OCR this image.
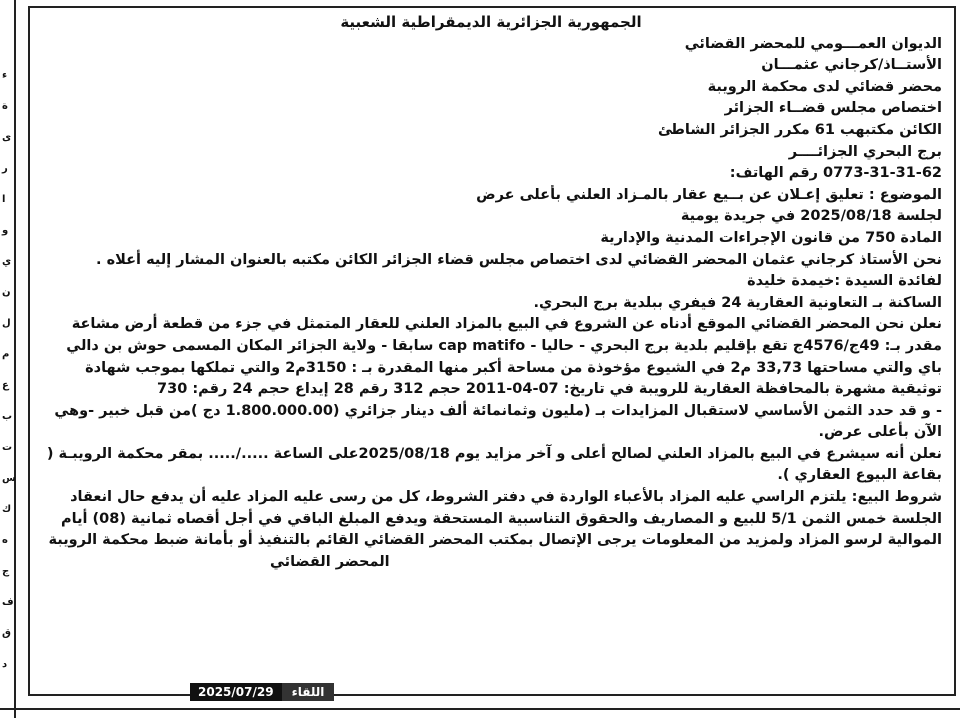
ء
ة
ى
ر
ا
و
ي
ن
ل
م
ع
ب
ت
س
ك
ه
ج
ف
ق
د
الجمهورية الجزائرية الديمقراطية الشعبية
الديوان العمـــومي للمحضر القضائي
الأستــاذ/كرجاني عثمـــان
محضر قضائي لدى محكمة الرويبة
اختصاص مجلس قضــاء الجزائر
الكائن مكتبهب 61 مكرر الجزائر الشاطئ
برج البحري الجزائــــر
0773-31-31-62 رقم الهاتف:
الموضوع : تعليق إعـلان عن بــيع عقار بالمـزاد العلني بأعلى عرض
لجلسة 2025/08/18 في جريدة يومية
المادة 750 من قانون الإجراءات المدنية والإدارية
نحن الأستاذ كرجاني عثمان المحضر القضائي لدى اختصاص مجلس قضاء الجزائر الكائن مكتبه بالعنوان المشار إليه أعلاه .
لفائدة السيدة :خيمدة خليدة
الساكنة بـ التعاونية العقارية 24 فيفري ببلدية برج البحري.
نعلن نحن المحضر القضائي الموقع أدناه عن الشروع في البيع بالمزاد العلني للعقار المتمثل في جزء من قطعة أرض مشاعة مقدر بـ: 49ج/4576ج تقع بإقليم بلدية برج البحري - حاليا - cap matifo سابقا - ولاية الجزائر المكان المسمى حوش بن دالي باي والتي مساحتها 33,73 م2 في الشيوع مؤخوذة من مساحة أكبر منها المقدرة بـ : 3150م2 والتي تملكها بموجب شهادة توثيقية مشهرة بالمحافظة العقارية للرويبة في تاريخ: 07-04-2011 حجم 312 رقم 28 إيداع حجم 24 رقم: 730
- و قد حدد الثمن الأساسي لاستقبال المزايدات بـ (مليون وثمانمائة ألف دينار جزائري (1.800.000.00 دج )من قبل خبير -وهي الآن بأعلى عرض.
نعلن أنه سيشرع في البيع بالمزاد العلني لصالح أعلى و آخر مزايد يوم 2025/08/18على الساعة ...../..... بمقر محكمة الرويبـة ( بقاعة البيوع العقاري ).
شروط البيع: يلتزم الراسي عليه المزاد بالأعباء الواردة في دفتر الشروط، كل من رسى عليه المزاد عليه أن يدفع حال انعقاد الجلسة خمس الثمن 5/1 للبيع و المصاريف والحقوق التناسبية المستحقة ويدفع المبلغ الباقي في أجل أقصاه ثمانية (08) أيام الموالية لرسو المزاد ولمزيد من المعلومات يرجى الإتصال بمكتب المحضر القضائي القائم بالتنفيذ أو بأمانة ضبط محكمة الرويبة
المحضر القضائي
2025/07/29	اللقاء
